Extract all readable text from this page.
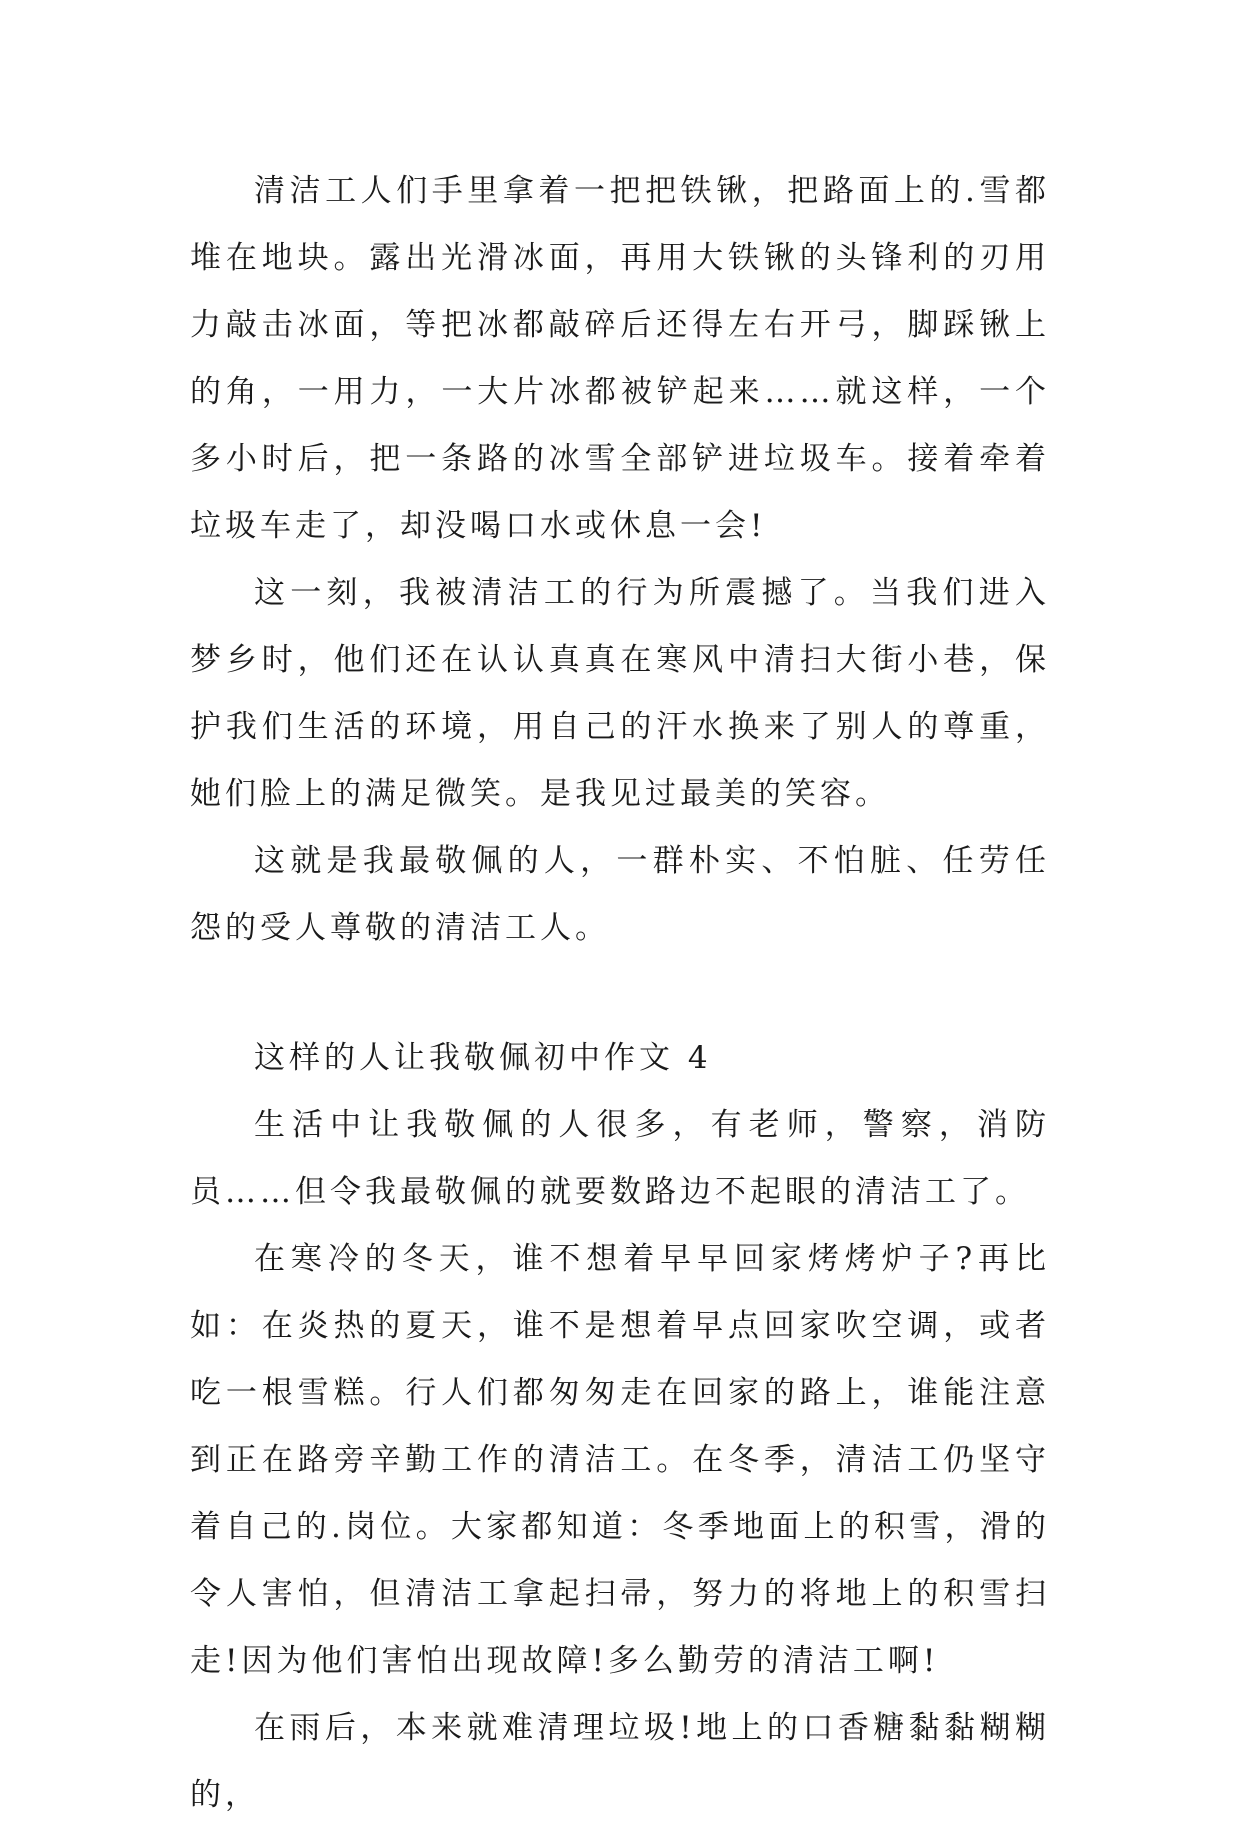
清洁工人们手里拿着一把把铁锹，把路面上的.雪都堆在地块。露出光滑冰面，再用大铁锹的头锋利的刃用力敲击冰面，等把冰都敲碎后还得左右开弓，脚踩锹上的角，一用力，一大片冰都被铲起来……就这样，一个多小时后，把一条路的冰雪全部铲进垃圾车。接着牵着垃圾车走了，却没喝口水或休息一会!

这一刻，我被清洁工的行为所震撼了。当我们进入梦乡时，他们还在认认真真在寒风中清扫大街小巷，保护我们生活的环境，用自己的汗水换来了别人的尊重，她们脸上的满足微笑。是我见过最美的笑容。

这就是我最敬佩的人，一群朴实、不怕脏、任劳任怨的受人尊敬的清洁工人。

这样的人让我敬佩初中作文 4

生活中让我敬佩的人很多，有老师，警察，消防员……但令我最敬佩的就要数路边不起眼的清洁工了。

在寒冷的冬天，谁不想着早早回家烤烤炉子?再比如：在炎热的夏天，谁不是想着早点回家吹空调，或者吃一根雪糕。行人们都匆匆走在回家的路上，谁能注意到正在路旁辛勤工作的清洁工。在冬季，清洁工仍坚守着自己的.岗位。大家都知道：冬季地面上的积雪，滑的令人害怕，但清洁工拿起扫帚，努力的将地上的积雪扫走!因为他们害怕出现故障!多么勤劳的清洁工啊!

在雨后，本来就难清理垃圾!地上的口香糖黏黏糊糊的，
